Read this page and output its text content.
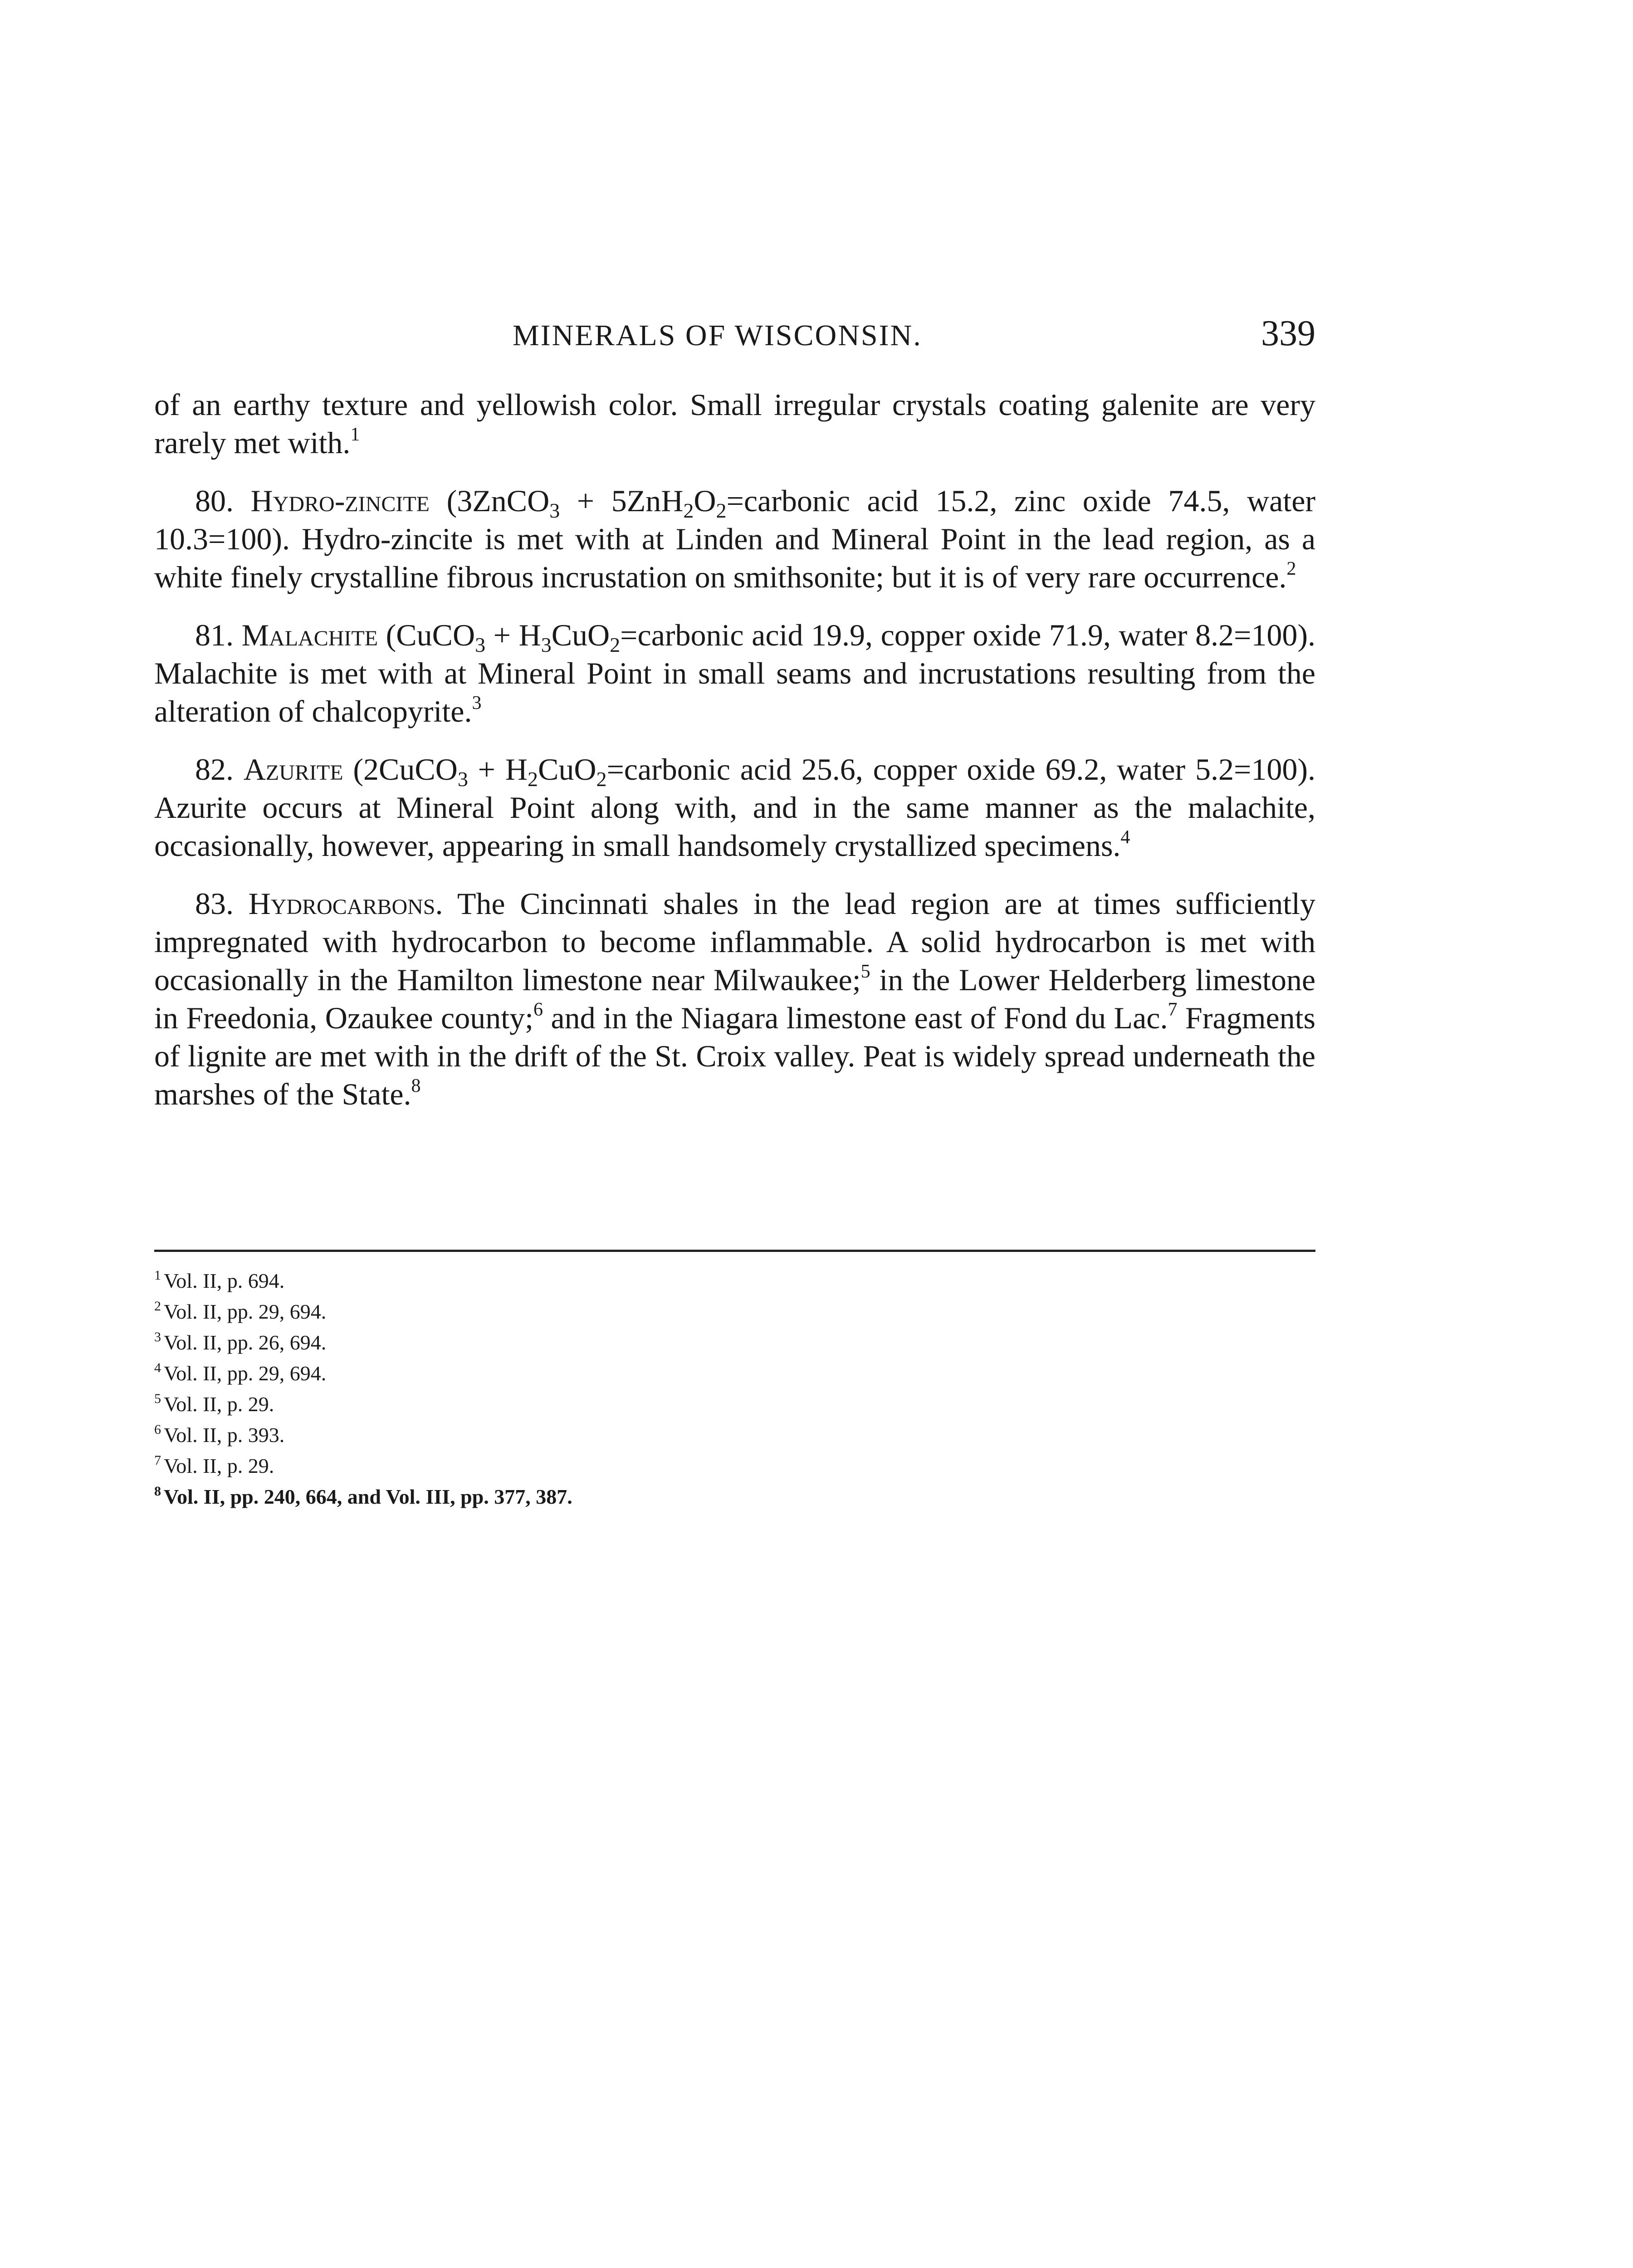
MINERALS OF WISCONSIN.	339

of an earthy texture and yellowish color. Small irregular crystals coating galenite are very rarely met with.$^1$

80. Hydro-zincite (3ZnCO$_3$ + $5ZnH_2O_2=carbonic$ acid 15.2, zinc oxide 74.5, water 10.3=100). Hydro-zincite is met with at Linden and Mineral Point in the lead region, as a white finely crystalline fibrous incrustation on smithsonite; but it is of very rare occurrence.$^2$

81. Malachite (CuCO$_3$ + $H_3CuO_2=carbonic$ acid 19.9, copper oxide 71.9, water 8.2=100). Malachite is met with at Mineral Point in small seams and incrustations resulting from the alteration of chalcopyrite.$^3$

82. Azurite (2CuCO$_3$ + $H_2CuO_2=carbonic$ acid 25.6, copper oxide 69.2, water 5.2=100). Azurite occurs at Mineral Point along with, and in the same manner as the malachite, occasionally, however, appearing in small handsomely crystallized specimens.$^4$

83. Hydrocarbons. The Cincinnati shales in the lead region are at times sufficiently impregnated with hydrocarbon to become inflammable. A solid hydrocarbon is met with occasionally in the Hamilton limestone near Milwaukee;$^5$ in the Lower Helderberg limestone in Freedonia, Ozaukee county;$^6$ and in the Niagara limestone east of Fond du Lac.$^7$ Fragments of lignite are met with in the drift of the St. Croix valley. Peat is widely spread underneath the marshes of the State.$^8$

$^1$ Vol. II, p. 694.

$^2$ Vol. II, pp. 29, 694.

$^3$ Vol. II, pp. 26, 694.

$^4$ Vol. II, pp. 29, 694.

$^5$ Vol. II, p. 29.

$^6$ Vol. II, p. 393.

$^7$ Vol. II, p. 29.

$^8$ Vol. II, pp. 240, 664, and Vol. III, pp. 377, 387.
